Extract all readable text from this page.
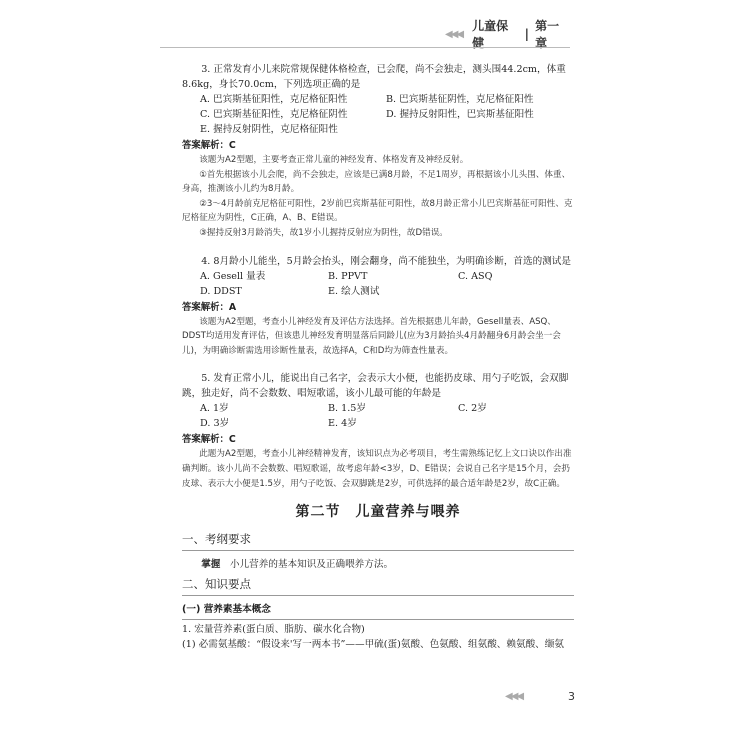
◀◀◀
儿童保健
|
第一章

3. 正常发育小儿来院常规保健体格检查，已会爬，尚不会独走，测头围44.2cm，体重8.6kg，身长70.0cm，下列选项正确的是

A. 巴宾斯基征阳性，克尼格征阳性	B. 巴宾斯基征阴性，克尼格征阳性
C. 巴宾斯基征阳性，克尼格征阴性	D. 握持反射阳性，巴宾斯基征阳性
E. 握持反射阴性，克尼格征阳性

答案解析：C

该题为A2型题，主要考查正常儿童的神经发育、体格发育及神经反射。

①首先根据该小儿会爬，尚不会独走，应该是已满8月龄，不足1周岁，再根据该小儿头围、体重、身高，推测该小儿约为8月龄。

②3～4月龄前克尼格征可阳性，2岁前巴宾斯基征可阳性，故8月龄正常小儿巴宾斯基征可阳性、克尼格征应为阴性，C正确，A、B、E错误。

③握持反射3月龄消失，故1岁小儿握持反射应为阴性，故D错误。

4. 8月龄小儿能坐，5月龄会抬头，刚会翻身，尚不能独坐，为明确诊断，首选的测试是

A. Gesell 量表	B. PPVT	C. ASQ
D. DDST	E. 绘人测试

答案解析：A

该题为A2型题，考查小儿神经发育及评估方法选择。首先根据患儿年龄，Gesell量表、ASQ、DDST均适用发育评估，但该患儿神经发育明显落后同龄儿(应为3月龄抬头4月龄翻身6月龄会坐一会儿)，为明确诊断需选用诊断性量表，故选择A，C和D均为筛查性量表。

5. 发育正常小儿，能说出自己名字，会表示大小便，也能扔皮球、用勺子吃饭，会双脚跳，独走好，尚不会数数、唱短歌谣，该小儿最可能的年龄是

A. 1岁	B. 1.5岁	C. 2岁
D. 3岁	E. 4岁

答案解析：C

此题为A2型题，考查小儿神经精神发育，该知识点为必考项目，考生需熟练记忆上文口诀以作出准确判断。该小儿尚不会数数、唱短歌谣，故考虑年龄<3岁，D、E错误；会说自己名字是15个月，会扔皮球、表示大小便是1.5岁，用勺子吃饭、会双脚跳是2岁，可供选择的最合适年龄是2岁，故C正确。

第二节　儿童营养与喂养

一、考纲要求

掌握　 小儿营养的基本知识及正确喂养方法。

二、知识要点

(一) 营养素基本概念

1. 宏量营养素(蛋白质、脂肪、碳水化合物)

(1) 必需氨基酸：“假设来'写一两本书”——甲硫(蛋)氨酸、色氨酸、组氨酸、赖氨酸、缬氨

◀◀◀	3
